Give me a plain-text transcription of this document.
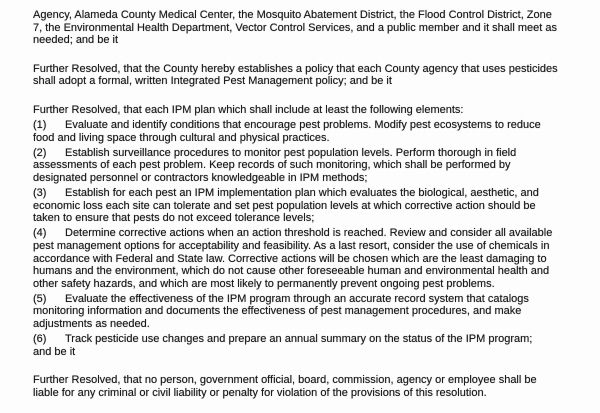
Agency, Alameda County Medical Center, the Mosquito Abatement District, the Flood Control District, Zone
7, the Environmental Health Department, Vector Control Services, and a public member and it shall meet as
needed; and be it
Further Resolved, that the County hereby establishes a policy that each County agency that uses pesticides
shall adopt a formal, written Integrated Pest Management policy; and be it
Further Resolved, that each IPM plan which shall include at least the following elements:
(1) Evaluate and identify conditions that encourage pest problems. Modify pest ecosystems to reduce
food and living space through cultural and physical practices.
(2) Establish surveillance procedures to monitor pest population levels. Perform thorough in field
assessments of each pest problem. Keep records of such monitoring, which shall be performed by
designated personnel or contractors knowledgeable in IPM methods;
(3) Establish for each pest an IPM implementation plan which evaluates the biological, aesthetic, and
economic loss each site can tolerate and set pest population levels at which corrective action should be
taken to ensure that pests do not exceed tolerance levels;
(4) Determine corrective actions when an action threshold is reached. Review and consider all available
pest management options for acceptability and feasibility. As a last resort, consider the use of chemicals in
accordance with Federal and State law. Corrective actions will be chosen which are the least damaging to
humans and the environment, which do not cause other foreseeable human and environmental health and
other safety hazards, and which are most likely to permanently prevent ongoing pest problems.
(5) Evaluate the effectiveness of the IPM program through an accurate record system that catalogs
monitoring information and documents the effectiveness of pest management procedures, and make
adjustments as needed.
(6) Track pesticide use changes and prepare an annual summary on the status of the IPM program;
and be it
Further Resolved, that no person, government official, board, commission, agency or employee shall be
liable for any criminal or civil liability or penalty for violation of the provisions of this resolution.
